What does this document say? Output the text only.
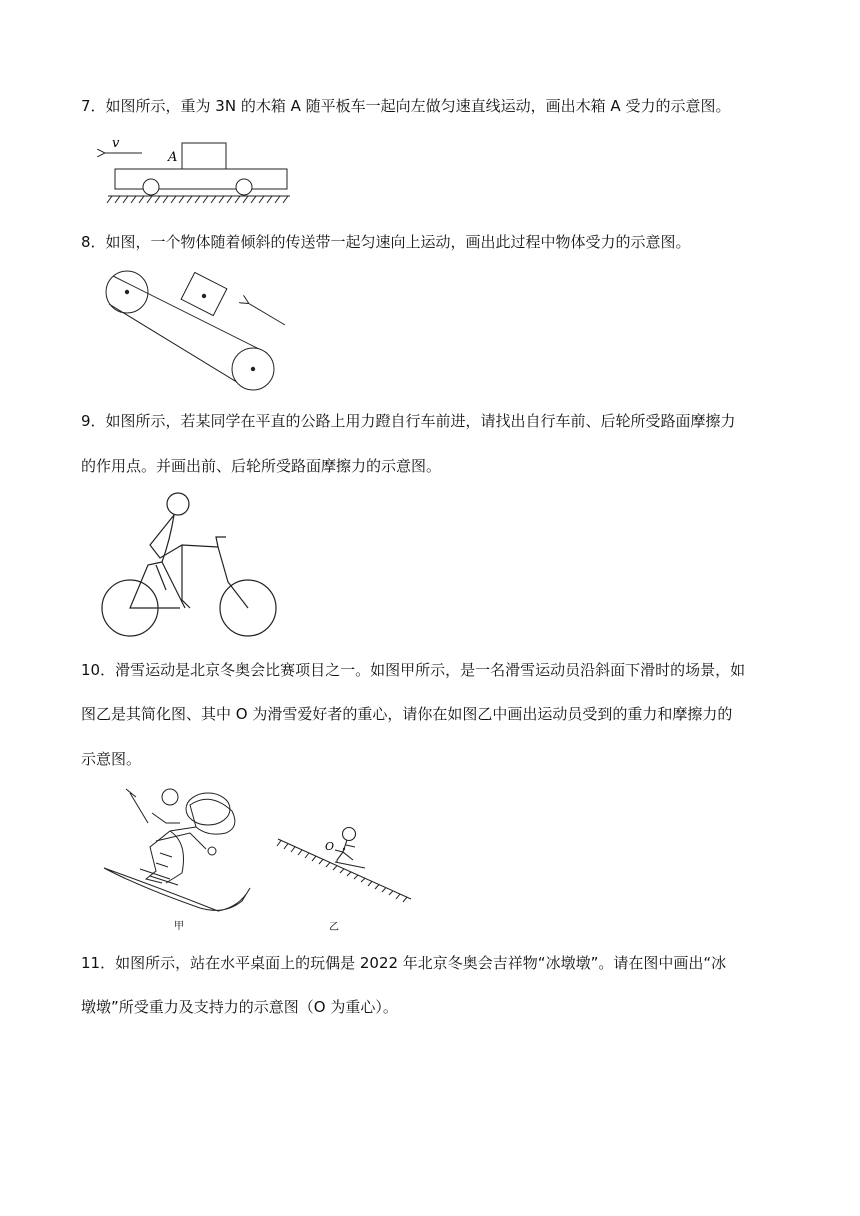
7．如图所示，重为 3N 的木箱 A 随平板车一起向左做匀速直线运动，画出木箱 A 受力的示意图。
v
A
8．如图，一个物体随着倾斜的传送带一起匀速向上运动，画出此过程中物体受力的示意图。
9．如图所示，若某同学在平直的公路上用力蹬自行车前进，请找出自行车前、后轮所受路面摩擦力
的作用点。并画出前、后轮所受路面摩擦力的示意图。
10．滑雪运动是北京冬奥会比赛项目之一。如图甲所示，是一名滑雪运动员沿斜面下滑时的场景，如
图乙是其简化图、其中 O 为滑雪爱好者的重心，请你在如图乙中画出运动员受到的重力和摩擦力的
示意图。
甲
O
乙
11．如图所示，站在水平桌面上的玩偶是 2022 年北京冬奥会吉祥物“冰墩墩”。请在图中画出“冰
墩墩”所受重力及支持力的示意图（O 为重心）。
